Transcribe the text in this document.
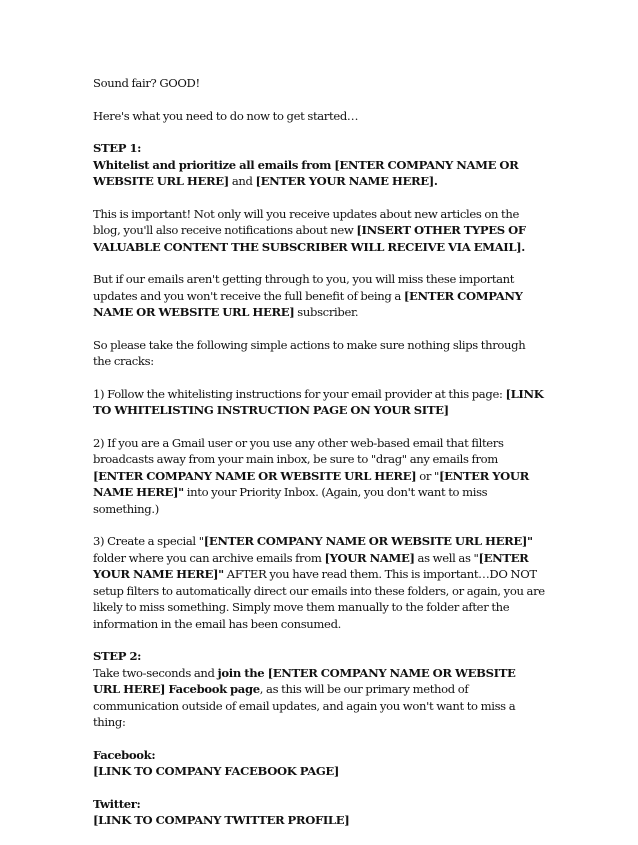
Sound fair? GOOD!

Here's what you need to do now to get started…

STEP 1:
Whitelist and prioritize all emails from [ENTER COMPANY NAME OR WEBSITE URL HERE] and [ENTER YOUR NAME HERE].

This is important! Not only will you receive updates about new articles on the blog, you'll also receive notifications about new [INSERT OTHER TYPES OF VALUABLE CONTENT THE SUBSCRIBER WILL RECEIVE VIA EMAIL].

But if our emails aren't getting through to you, you will miss these important updates and you won't receive the full benefit of being a [ENTER COMPANY NAME OR WEBSITE URL HERE] subscriber.

So please take the following simple actions to make sure nothing slips through the cracks:

1) Follow the whitelisting instructions for your email provider at this page: [LINK TO WHITELISTING INSTRUCTION PAGE ON YOUR SITE]

2) If you are a Gmail user or you use any other web-based email that filters broadcasts away from your main inbox, be sure to "drag" any emails from [ENTER COMPANY NAME OR WEBSITE URL HERE] or "[ENTER YOUR NAME HERE]" into your Priority Inbox. (Again, you don't want to miss something.)

3) Create a special "[ENTER COMPANY NAME OR WEBSITE URL HERE]" folder where you can archive emails from [YOUR NAME] as well as "[ENTER YOUR NAME HERE]" AFTER you have read them. This is important…DO NOT setup filters to automatically direct our emails into these folders, or again, you are likely to miss something. Simply move them manually to the folder after the information in the email has been consumed.

STEP 2:
Take two-seconds and join the [ENTER COMPANY NAME OR WEBSITE URL HERE] Facebook page, as this will be our primary method of communication outside of email updates, and again you won't want to miss a thing:

Facebook:
[LINK TO COMPANY FACEBOOK PAGE]

Twitter:
[LINK TO COMPANY TWITTER PROFILE]
